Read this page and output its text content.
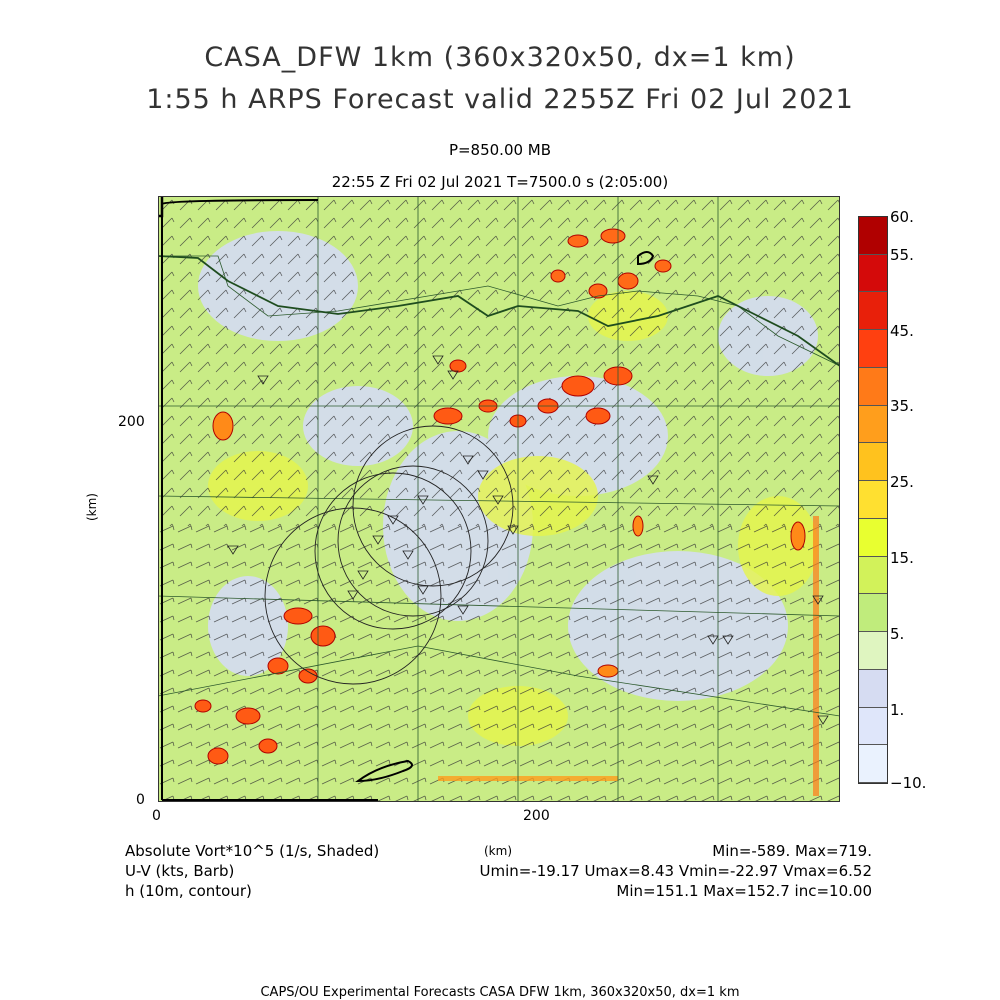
CASA_DFW 1km (360x320x50, dx=1 km)
1:55 h ARPS Forecast valid 2255Z Fri 02 Jul 2021
P=850.00 MB
22:55 Z Fri 02 Jul 2021 T=7500.0 s (2:05:00)
200
0
0	200
(km)
(km)
60.
55.
45.
35.
25.
15.
5.
1.
−10.
Absolute Vort*10^5 (1/s, Shaded)
U-V (kts, Barb)
h (10m, contour)
Min=-589. Max=719.
Umin=-19.17 Umax=8.43 Vmin=-22.97 Vmax=6.52
Min=151.1 Max=152.7 inc=10.00
CAPS/OU Experimental Forecasts CASA DFW 1km, 360x320x50, dx=1 km
